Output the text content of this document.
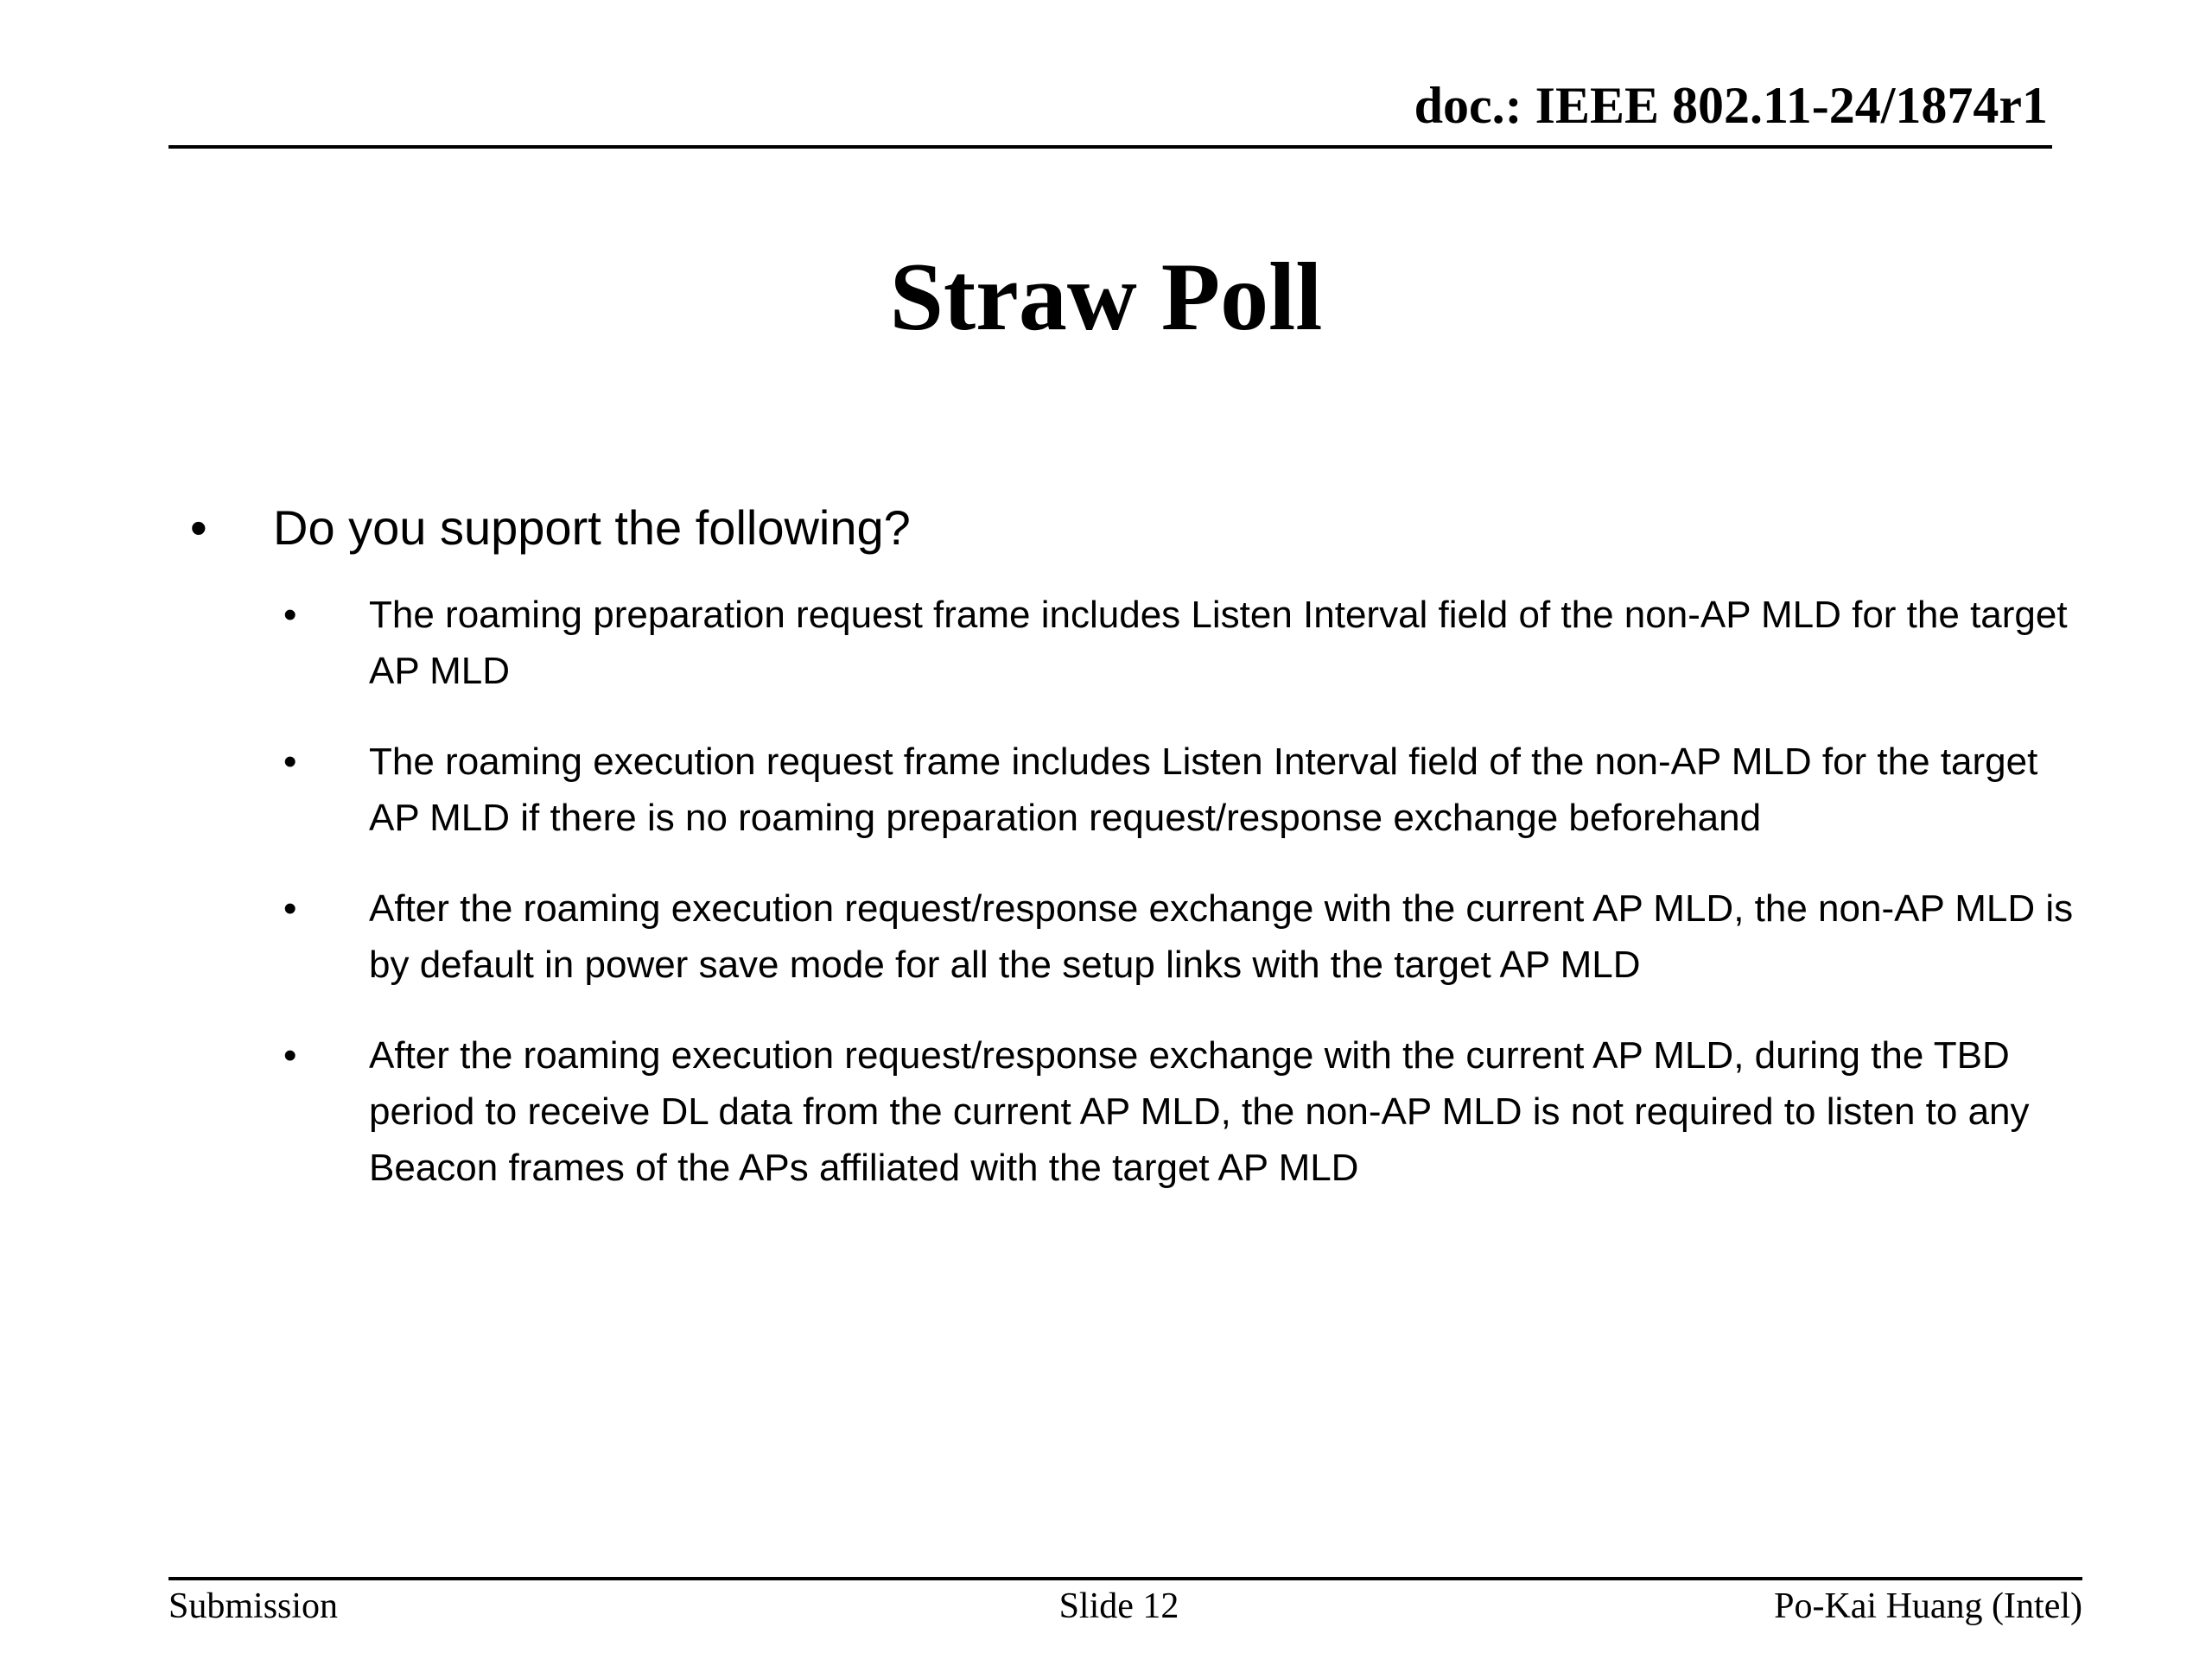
doc.: IEEE 802.11-24/1874r1
Straw Poll
• Do you support the following?
• The roaming preparation request frame includes Listen Interval field of the non-AP MLD for the target AP MLD
• The roaming execution request frame includes Listen Interval field of the non-AP MLD for the target AP MLD if there is no roaming preparation request/response exchange beforehand
• After the roaming execution request/response exchange with the current AP MLD, the non-AP MLD is by default in power save mode for all the setup links with the target AP MLD
• After the roaming execution request/response exchange with the current AP MLD, during the TBD period to receive DL data from the current AP MLD, the non-AP MLD is not required to listen to any Beacon frames of the APs affiliated with the target AP MLD
Submission	Slide 12	Po-Kai Huang (Intel)
